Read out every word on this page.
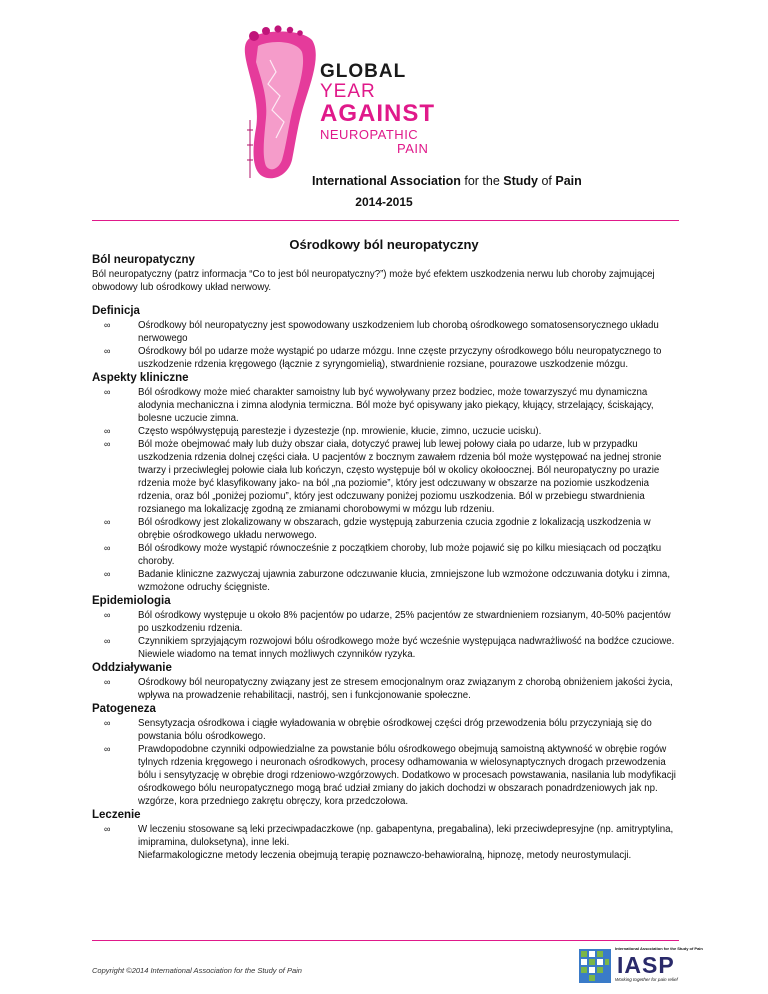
GLOBAL
YEAR
AGAINST
NEUROPATHIC
PAIN
International Association for the Study of Pain
2014-2015
Ośrodkowy ból neuropatyczny
Ból neuropatyczny
Ból neuropatyczny (patrz informacja “Co to jest ból neuropatyczny?”) może być efektem uszkodzenia nerwu lub choroby zajmującej obwodowy lub ośrodkowy układ nerwowy.
Definicja
∞	Ośrodkowy ból neuropatyczny jest spowodowany uszkodzeniem lub chorobą ośrodkowego somatosensorycznego układu nerwowego
∞	Ośrodkowy ból po udarze może wystąpić po udarze mózgu. Inne częste przyczyny ośrodkowego bólu neuropatycznego to uszkodzenie rdzenia kręgowego (łącznie z syryngomielią), stwardnienie rozsiane, pourazowe uszkodzenie mózgu.
Aspekty kliniczne
∞	Ból ośrodkowy może mieć charakter samoistny lub być wywoływany przez bodziec, może towarzyszyć mu dynamiczna alodynia mechaniczna i zimna alodynia termiczna. Ból może być opisywany jako piekący, kłujący, strzelający, ściskający, bolesne uczucie zimna.
∞	Często współwystępują parestezje i dyzestezje (np. mrowienie, kłucie, zimno, uczucie ucisku).
∞	Ból może obejmować mały lub duży obszar ciała, dotyczyć prawej lub lewej połowy ciała po udarze, lub w przypadku uszkodzenia rdzenia dolnej części ciała. U pacjentów z bocznym zawałem rdzenia ból może występować na jednej stronie twarzy i przeciwległej połowie ciała lub kończyn, często występuje ból w okolicy okołoocznej. Ból neuropatyczny po urazie rdzenia może być klasyfikowany jako- na ból „na poziomie”, który jest odczuwany w obszarze na poziomie uszkodzenia rdzenia, oraz ból „poniżej poziomu”, który jest odczuwany poniżej poziomu uszkodzenia. Ból w przebiegu stwardnienia rozsianego ma lokalizację zgodną ze zmianami chorobowymi w mózgu lub rdzeniu.
∞	Ból ośrodkowy jest zlokalizowany w obszarach, gdzie występują zaburzenia czucia zgodnie z lokalizacją uszkodzenia w obrębie ośrodkowego układu nerwowego.
∞	Ból ośrodkowy może wystąpić równocześnie z początkiem choroby, lub może pojawić się po kilku miesiącach od początku choroby.
∞	Badanie kliniczne zazwyczaj ujawnia zaburzone odczuwanie kłucia, zmniejszone lub wzmożone odczuwania dotyku i zimna, wzmożone odruchy ścięgniste.
Epidemiologia
∞	Ból ośrodkowy występuje u około 8% pacjentów po udarze, 25% pacjentów ze stwardnieniem rozsianym, 40-50% pacjentów po uszkodzeniu rdzenia.
∞	Czynnikiem sprzyjającym rozwojowi bólu ośrodkowego może być wcześnie występująca nadwrażliwość na bodźce czuciowe. Niewiele wiadomo na temat innych możliwych czynników ryzyka.
Oddziaływanie
∞	Ośrodkowy ból neuropatyczny związany jest ze stresem emocjonalnym oraz związanym z chorobą obniżeniem jakości życia, wpływa na prowadzenie rehabilitacji, nastrój, sen i funkcjonowanie społeczne.
Patogeneza
∞	Sensytyzacja ośrodkowa i ciągłe wyładowania w obrębie ośrodkowej części dróg przewodzenia bólu przyczyniają się do powstania bólu ośrodkowego.
∞	Prawdopodobne czynniki odpowiedzialne za powstanie bólu ośrodkowego obejmują samoistną aktywność w obrębie rogów tylnych rdzenia kręgowego i neuronach ośrodkowych, procesy odhamowania w wielosynaptycznych drogach przewodzenia bólu i sensytyzację w obrębie drogi rdzeniowo-wzgórzowych. Dodatkowo w procesach powstawania, nasilania lub modyfikacji ośrodkowego bólu neuropatycznego mogą brać udział zmiany do jakich dochodzi w obszarach ponadrdzeniowych jak np. wzgórze, kora przedniego zakrętu obręczy, kora przedczołowa.
Leczenie
∞	W leczeniu stosowane są leki przeciwpadaczkowe (np. gabapentyna, pregabalina), leki przeciwdepresyjne (np. amitryptylina, imipramina, duloksetyna), inne leki.
Niefarmakologiczne metody leczenia obejmują terapię poznawczo-behawioralną, hipnozę, metody neurostymulacji.
Copyright ©2014 International Association for the Study of Pain
International Association for the Study of Pain
IASP
Working together for pain relief
